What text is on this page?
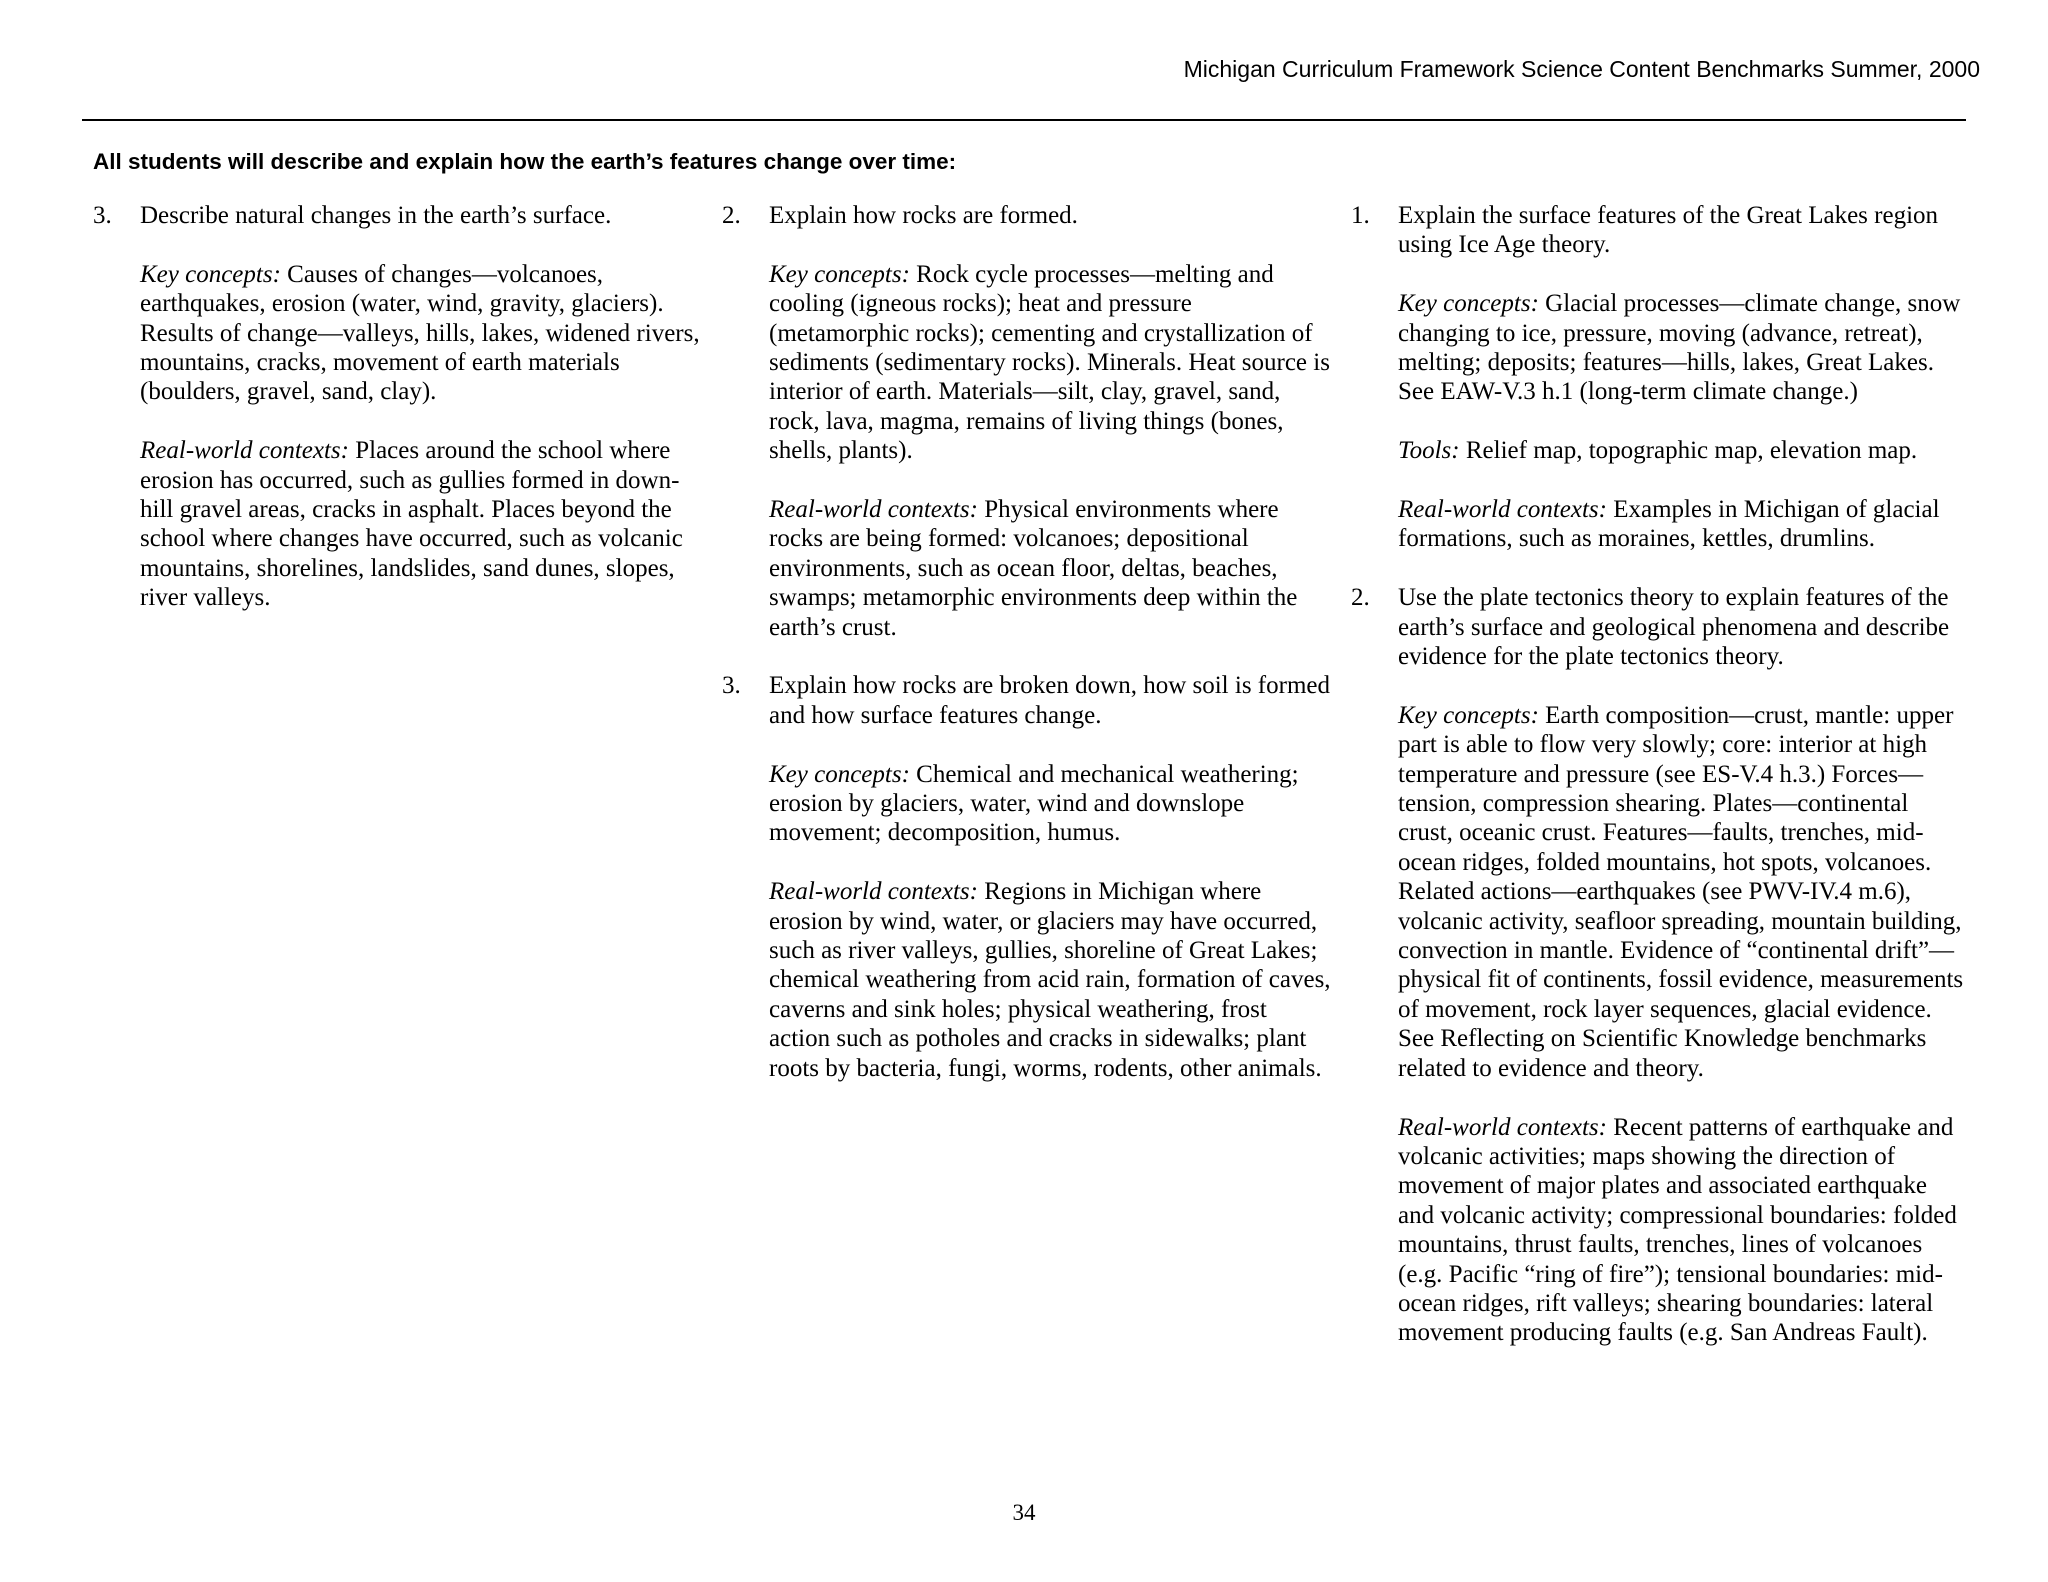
Michigan Curriculum Framework Science Content Benchmarks Summer, 2000
All students will describe and explain how the earth’s features change over time:
3. Describe natural changes in the earth’s surface.

Key concepts: Causes of changes—volcanoes, earthquakes, erosion (water, wind, gravity, glaciers). Results of change—valleys, hills, lakes, widened rivers, mountains, cracks, movement of earth materials (boulders, gravel, sand, clay).

Real-world contexts: Places around the school where erosion has occurred, such as gullies formed in down-hill gravel areas, cracks in asphalt. Places beyond the school where changes have occurred, such as volcanic mountains, shorelines, landslides, sand dunes, slopes, river valleys.

2. Explain how rocks are formed.

Key concepts: Rock cycle processes—melting and cooling (igneous rocks); heat and pressure (metamorphic rocks); cementing and crystallization of sediments (sedimentary rocks). Minerals. Heat source is interior of earth. Materials—silt, clay, gravel, sand, rock, lava, magma, remains of living things (bones, shells, plants).

Real-world contexts: Physical environments where rocks are being formed: volcanoes; depositional environments, such as ocean floor, deltas, beaches, swamps; metamorphic environments deep within the earth’s crust.

3. Explain how rocks are broken down, how soil is formed and how surface features change.

Key concepts: Chemical and mechanical weathering; erosion by glaciers, water, wind and downslope movement; decomposition, humus.

Real-world contexts: Regions in Michigan where erosion by wind, water, or glaciers may have occurred, such as river valleys, gullies, shoreline of Great Lakes; chemical weathering from acid rain, formation of caves, caverns and sink holes; physical weathering, frost action such as potholes and cracks in sidewalks; plant roots by bacteria, fungi, worms, rodents, other animals.

1. Explain the surface features of the Great Lakes region using Ice Age theory.

Key concepts: Glacial processes—climate change, snow changing to ice, pressure, moving (advance, retreat), melting; deposits; features—hills, lakes, Great Lakes. See EAW-V.3 h.1 (long-term climate change.)

Tools: Relief map, topographic map, elevation map.

Real-world contexts: Examples in Michigan of glacial formations, such as moraines, kettles, drumlins.

2. Use the plate tectonics theory to explain features of the earth’s surface and geological phenomena and describe evidence for the plate tectonics theory.

Key concepts: Earth composition—crust, mantle: upper part is able to flow very slowly; core: interior at high temperature and pressure (see ES-V.4 h.3.) Forces—tension, compression shearing. Plates—continental crust, oceanic crust. Features—faults, trenches, mid-ocean ridges, folded mountains, hot spots, volcanoes. Related actions—earthquakes (see PWV-IV.4 m.6), volcanic activity, seafloor spreading, mountain building, convection in mantle. Evidence of “continental drift”—physical fit of continents, fossil evidence, measurements of movement, rock layer sequences, glacial evidence. See Reflecting on Scientific Knowledge benchmarks related to evidence and theory.

Real-world contexts: Recent patterns of earthquake and volcanic activities; maps showing the direction of movement of major plates and associated earthquake and volcanic activity; compressional boundaries: folded mountains, thrust faults, trenches, lines of volcanoes (e.g. Pacific “ring of fire”); tensional boundaries: mid-ocean ridges, rift valleys; shearing boundaries: lateral movement producing faults (e.g. San Andreas Fault).

34
